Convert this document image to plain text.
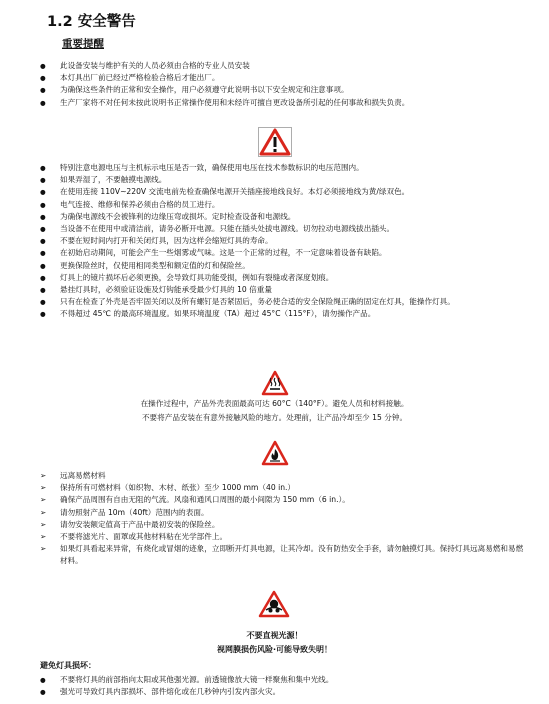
1.2 安全警告
重要提醒
● 此设备安装与维护有关的人员必须由合格的专业人员安装
● 本灯具出厂前已经过严格检验合格后才能出厂。
● 为确保这些条件的正常和安全操作，用户必须遵守此说明书以下安全规定和注意事项。
● 生产厂家将不对任何未按此说明书正常操作使用和未经许可擅自更改设备所引起的任何事故和损失负责。
● 特别注意电源电压与主机标示电压是否一致，确保使用电压在技术参数标识的电压范围内。
● 如果弄湿了，不要触摸电源线。
● 在使用连接 110V~220V 交流电前先检查确保电源开关插座接地线良好。本灯必须接地线为黄/绿双色。
● 电气连接、维修和保养必须由合格的员工进行。
● 为确保电源线不会被锋利的边缘压弯或损坏。定时检查设备和电源线。
● 当设备不在使用中或清洁前，请务必断开电源。只能在插头处拔电源线。切勿拉动电源线拔出插头。
● 不要在短时间内打开和关闭灯具，因为这样会缩短灯具的寿命。
● 在初始启动期间，可能会产生一些烟雾或气味。这是一个正常的过程，不一定意味着设备有缺陷。
● 更换保险丝时，仅使用相同类型和额定值的灯和保险丝。
● 灯具上的镜片损坏后必须更换，会导致灯具功能受损，例如有裂缝或者深度划痕。
● 悬挂灯具时，必须验证设施及灯钩能承受最少灯具的 10 倍重量
● 只有在检查了外壳是否牢固关闭以及所有螺钉是否紧固后，务必使合适的安全保险绳正确的固定在灯具，能操作灯具。
● 不得超过 45℃ 的最高环境温度。如果环境温度（TA）超过 45°C（115°F），请勿操作产品。
在操作过程中，产品外壳表面最高可达 60°C（140°F）。避免人员和材料接触。
不要将产品安装在有意外接触风险的地方。处理前，让产品冷却至少 15 分钟。
➢ 远离易燃材料
➢ 保持所有可燃材料（如织物、木材、纸张）至少 1000 mm（40 in.）
➢ 确保产品周围有自由无阻的气流。风扇和通风口周围的最小间隙为 150 mm（6 in.）。
➢ 请勿照射产品 10m（40ft）范围内的表面。
➢ 请勿安装额定值高于产品中最初安装的保险丝。
➢ 不要将滤光片、面罩或其他材料粘在光学部件上。
➢ 如果灯具看起来异常，有烧化或冒烟的迹象，立即断开灯具电源，让其冷却。没有防热安全手套，请勿触摸灯具。保持灯具远离易燃和易燃材料。
不要直视光源！
视网膜损伤风险·可能导致失明！

避免灯具损坏：

● 不要将灯具的前部指向太阳或其他强光源。前透镜像放大镜一样聚焦和集中光线。
● 强光可导致灯具内部损坏、部件熔化或在几秒钟内引发内部火灾。
